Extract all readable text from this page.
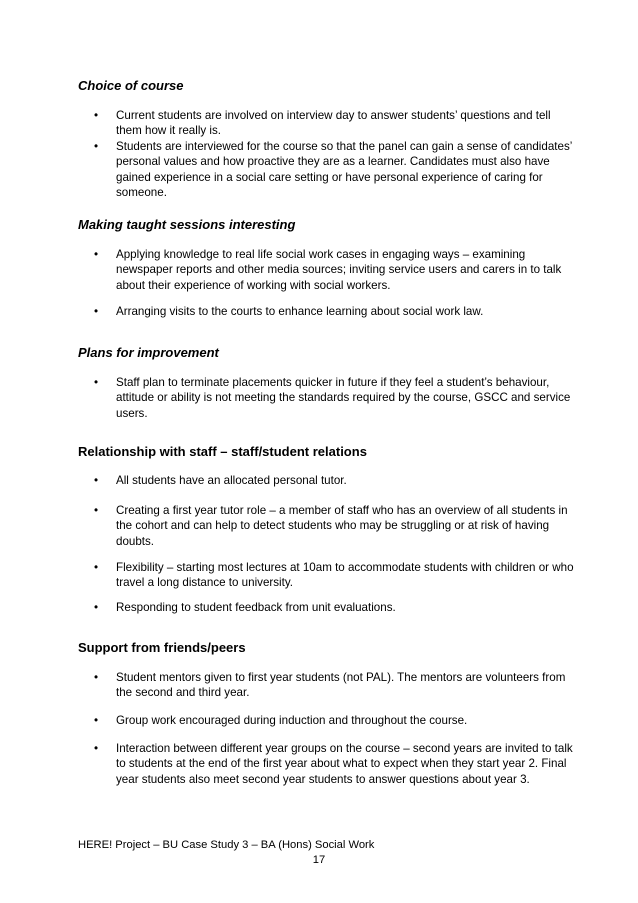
Choice of course
•	Current students are involved on interview day to answer students’ questions and tell them how it really is.
•	Students are interviewed for the course so that the panel can gain a sense of candidates’ personal values and how proactive they are as a learner. Candidates must also have gained experience in a social care setting or have personal experience of caring for someone.
Making taught sessions interesting
•	Applying knowledge to real life social work cases in engaging ways – examining newspaper reports and other media sources; inviting service users and carers in to talk about their experience of working with social workers.
•	Arranging visits to the courts to enhance learning about social work law.
Plans for improvement
•	Staff plan to terminate placements quicker in future if they feel a student’s behaviour, attitude or ability is not meeting the standards required by the course, GSCC and service users.
Relationship with staff – staff/student relations
•	All students have an allocated personal tutor.
•	Creating a first year tutor role – a member of staff who has an overview of all students in the cohort and can help to detect students who may be struggling or at risk of having doubts.
•	Flexibility – starting most lectures at 10am to accommodate students with children or who travel a long distance to university.
•	Responding to student feedback from unit evaluations.
Support from friends/peers
•	Student mentors given to first year students (not PAL). The mentors are volunteers from the second and third year.
•	Group work encouraged during induction and throughout the course.
•	Interaction between different year groups on the course – second years are invited to talk to students at the end of the first year about what to expect when they start year 2. Final year students also meet second year students to answer questions about year 3.
HERE! Project – BU Case Study 3 – BA (Hons) Social Work
17
